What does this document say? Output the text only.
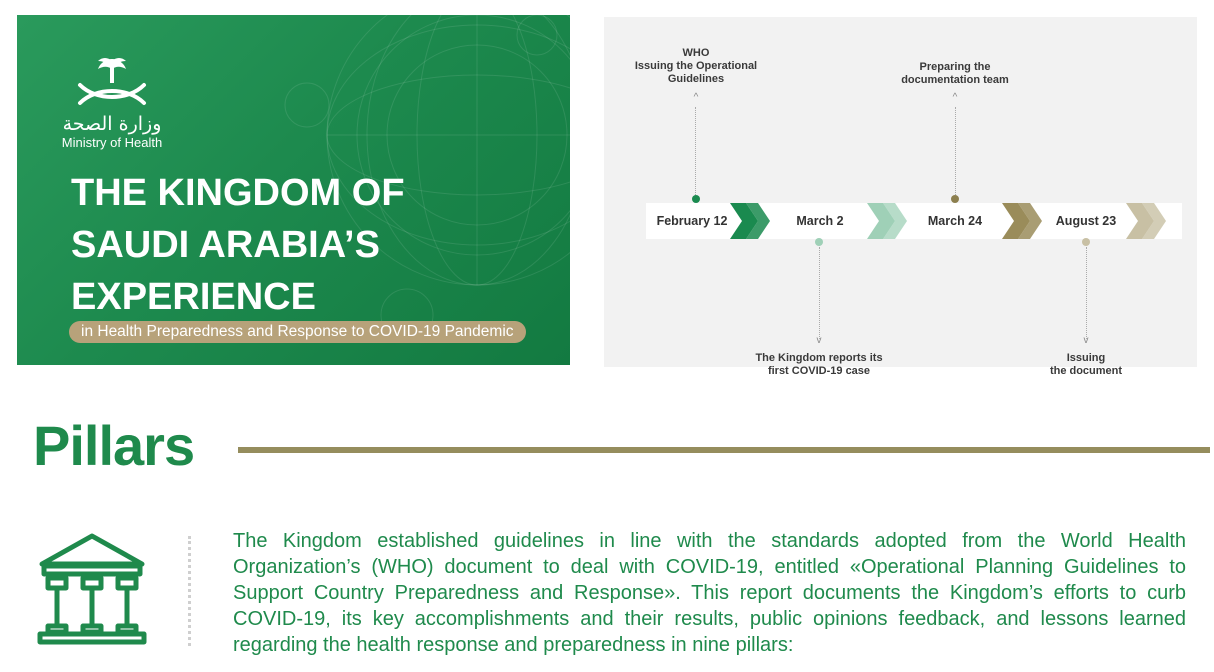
وزارة الصحة
Ministry of Health
THE KINGDOM OF
SAUDI ARABIA’S
EXPERIENCE
in Health Preparedness and Response to COVID-19 Pandemic
February 12	March 2	March 24	August 23
WHO
Issuing the Operational
Guidelines
^
Preparing the
documentation team
^
v
The Kingdom reports its
first COVID-19 case
v
Issuing
the document
Pillars
The Kingdom established guidelines in line with the standards adopted from the World Health Organization’s (WHO) document to deal with COVID-19, entitled «Operational Planning Guidelines to Support Country Preparedness and Response». This report documents the Kingdom’s efforts to curb COVID-19, its key accomplishments and their results, public opinions feedback, and lessons learned regarding the health response and preparedness in nine pillars:
